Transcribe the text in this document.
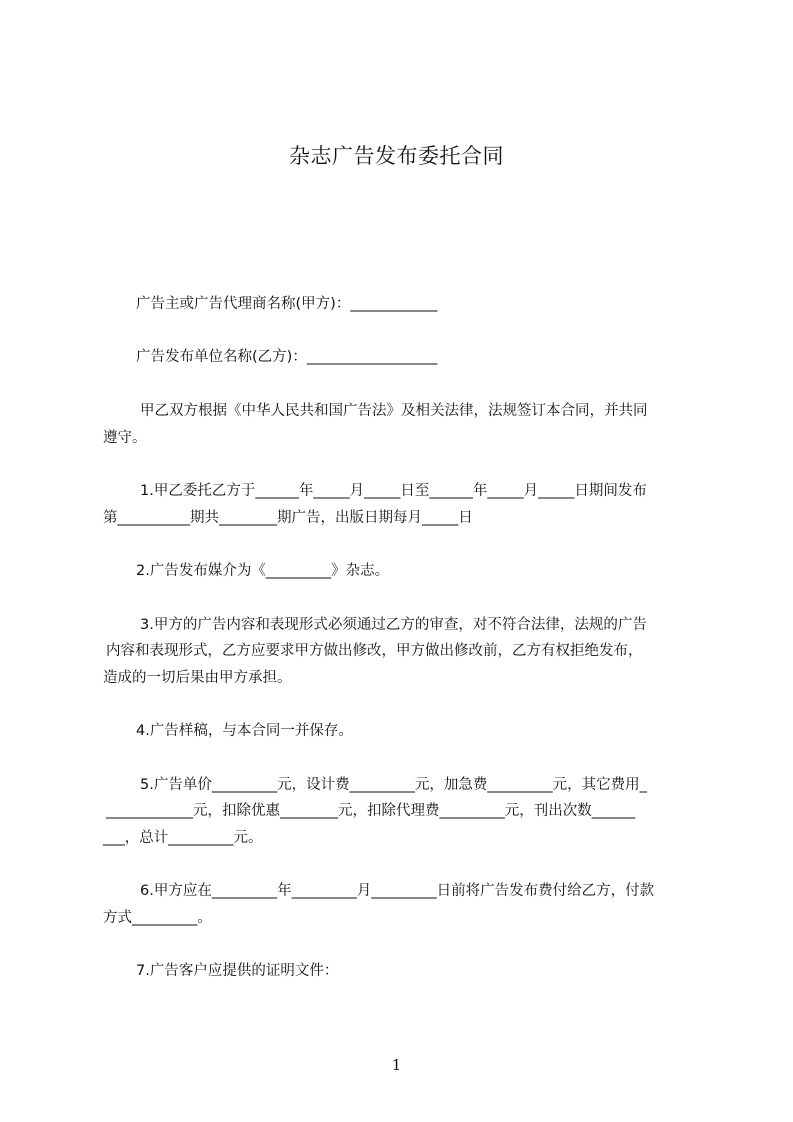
杂志广告发布委托合同
广告主或广告代理商名称(甲方)：____________
广告发布单位名称(乙方)：__________________
甲乙双方根据《中华人民共和国广告法》及相关法律，法规签订本合同，并共同
遵守。
1.甲乙委托乙方于______年_____月_____日至______年_____月_____日期间发布
第__________期共________期广告，出版日期每月_____日
2.广告发布媒介为《_________》杂志。
3.甲方的广告内容和表现形式必须通过乙方的审查，对不符合法律，法规的广告
内容和表现形式，乙方应要求甲方做出修改，甲方做出修改前，乙方有权拒绝发布，
造成的一切后果由甲方承担。
4.广告样稿，与本合同一并保存。
5.广告单价_________元，设计费_________元，加急费_________元，其它费用_
____________元，扣除优惠________元，扣除代理费_________元，刊出次数______
___，总计_________元。
6.甲方应在_________年_________月_________日前将广告发布费付给乙方，付款
方式_________。
7.广告客户应提供的证明文件：
1
